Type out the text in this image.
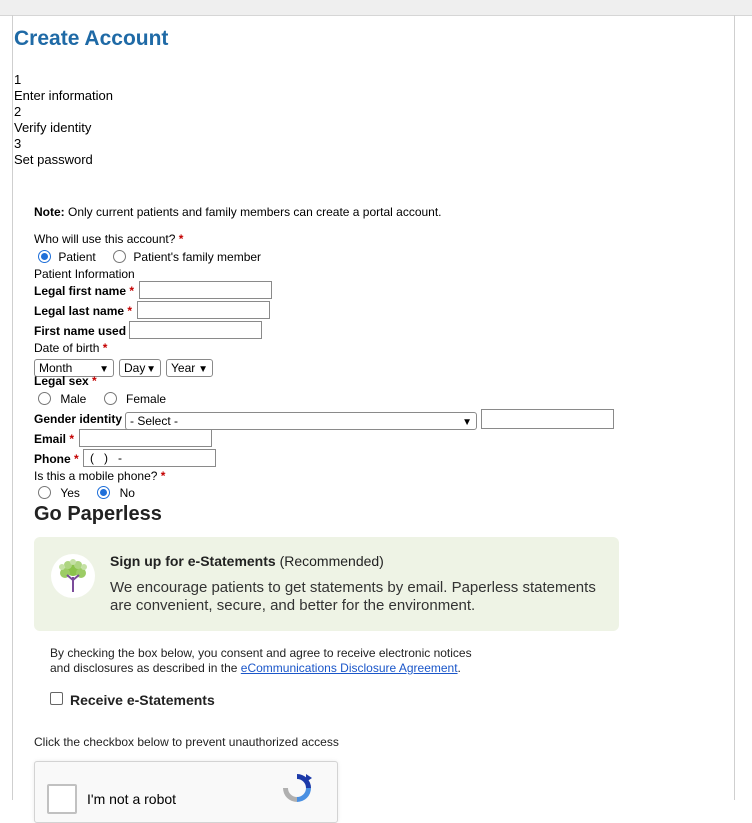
Create Account
1
Enter information
2
Verify identity
3
Set password
Note: Only current patients and family members can create a portal account.
Who will use this account? *
Patient	Patient's family member
Patient Information
Legal first name *
Legal last name *
First name used
Date of birth *
Month	▼	Day ▼	Year ▼
Legal sex *
Male	Female
Gender identity - Select -	▼
Email *
Phone * (   )   -
Is this a mobile phone? *
Yes	No
Go Paperless
Sign up for e-Statements (Recommended)
We encourage patients to get statements by email. Paperless statements are convenient, secure, and better for the environment.
By checking the box below, you consent and agree to receive electronic notices
and disclosures as described in the eCommunications Disclosure Agreement.
Receive e-Statements
Click the checkbox below to prevent unauthorized access
I'm not a robot
